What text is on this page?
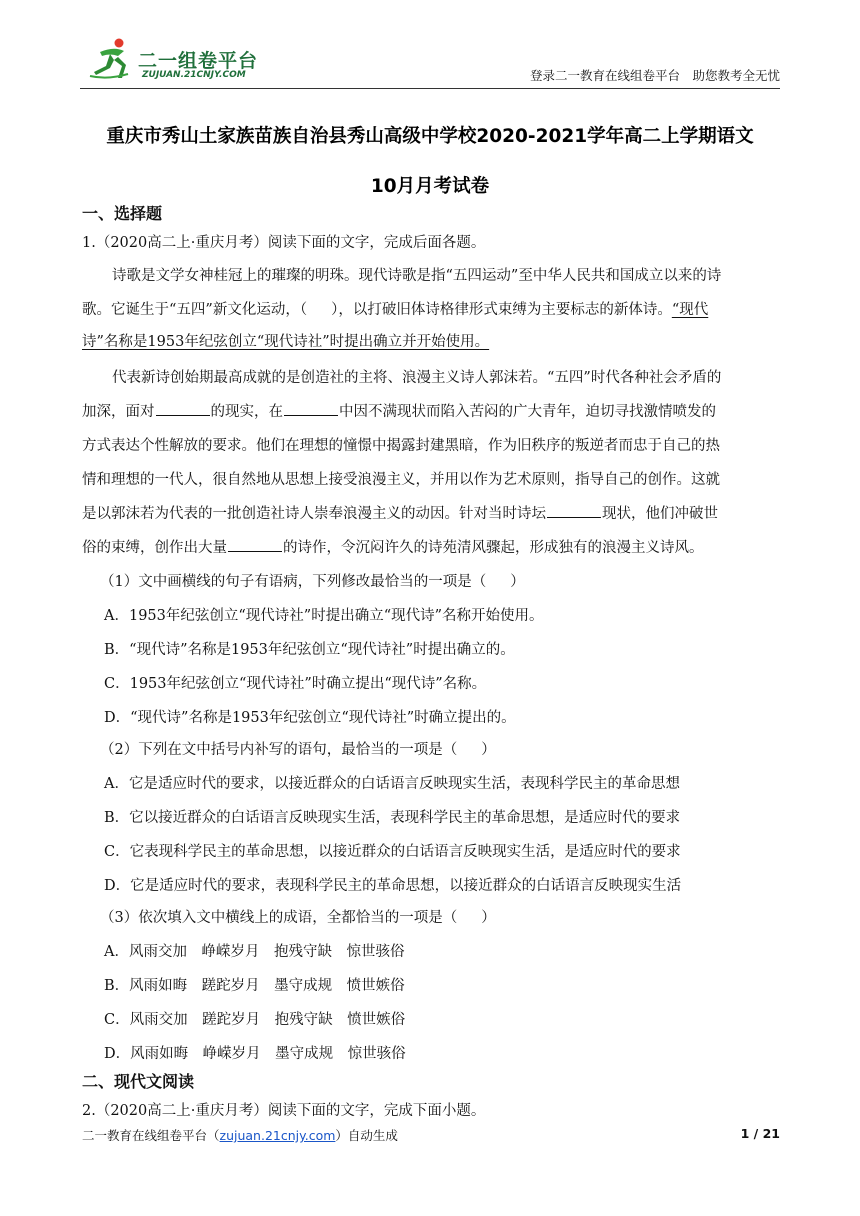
二一组卷平台
ZUJUAN.21CNJY.COM	登录二一教育在线组卷平台　助您教考全无忧
重庆市秀山土家族苗族自治县秀山高级中学校2020-2021学年高二上学期语文
10月月考试卷
一、选择题
1.（2020高二上·重庆月考）阅读下面的文字，完成后面各题。
诗歌是文学女神桂冠上的璀璨的明珠。现代诗歌是指“五四运动”至中华人民共和国成立以来的诗
歌。它诞生于“五四”新文化运动，（ ），以打破旧体诗格律形式束缚为主要标志的新体诗。“现代
诗”名称是1953年纪弦创立“现代诗社”时提出确立并开始使用。
代表新诗创始期最高成就的是创造社的主将、浪漫主义诗人郭沫若。“五四”时代各种社会矛盾的
加深，面对	的现实，在	中因不满现状而陷入苦闷的广大青年，迫切寻找激情喷发的
方式表达个性解放的要求。他们在理想的憧憬中揭露封建黑暗，作为旧秩序的叛逆者而忠于自己的热
情和理想的一代人，很自然地从思想上接受浪漫主义，并用以作为艺术原则，指导自己的创作。这就
是以郭沫若为代表的一批创造社诗人崇奉浪漫主义的动因。针对当时诗坛	现状，他们冲破世
俗的束缚，创作出大量	的诗作，令沉闷许久的诗苑清风骤起，形成独有的浪漫主义诗风。
（1）文中画横线的句子有语病，下列修改最恰当的一项是（ ）
A．1953年纪弦创立“现代诗社”时提出确立“现代诗”名称开始使用。
B．“现代诗”名称是1953年纪弦创立“现代诗社”时提出确立的。
C．1953年纪弦创立“现代诗社”时确立提出“现代诗”名称。
D．“现代诗”名称是1953年纪弦创立“现代诗社”时确立提出的。
（2）下列在文中括号内补写的语句，最恰当的一项是（ ）
A．它是适应时代的要求，以接近群众的白话语言反映现实生活，表现科学民主的革命思想
B．它以接近群众的白话语言反映现实生活，表现科学民主的革命思想，是适应时代的要求
C．它表现科学民主的革命思想，以接近群众的白话语言反映现实生活，是适应时代的要求
D．它是适应时代的要求，表现科学民主的革命思想，以接近群众的白话语言反映现实生活
（3）依次填入文中横线上的成语，全都恰当的一项是（ ）
A．风雨交加　峥嵘岁月　抱残守缺　惊世骇俗
B．风雨如晦　蹉跎岁月　墨守成规　愤世嫉俗
C．风雨交加　蹉跎岁月　抱残守缺　愤世嫉俗
D．风雨如晦　峥嵘岁月　墨守成规　惊世骇俗
二、现代文阅读
2.（2020高二上·重庆月考）阅读下面的文字，完成下面小题。
二一教育在线组卷平台（zujuan.21cnjy.com）自动生成	1 / 21
